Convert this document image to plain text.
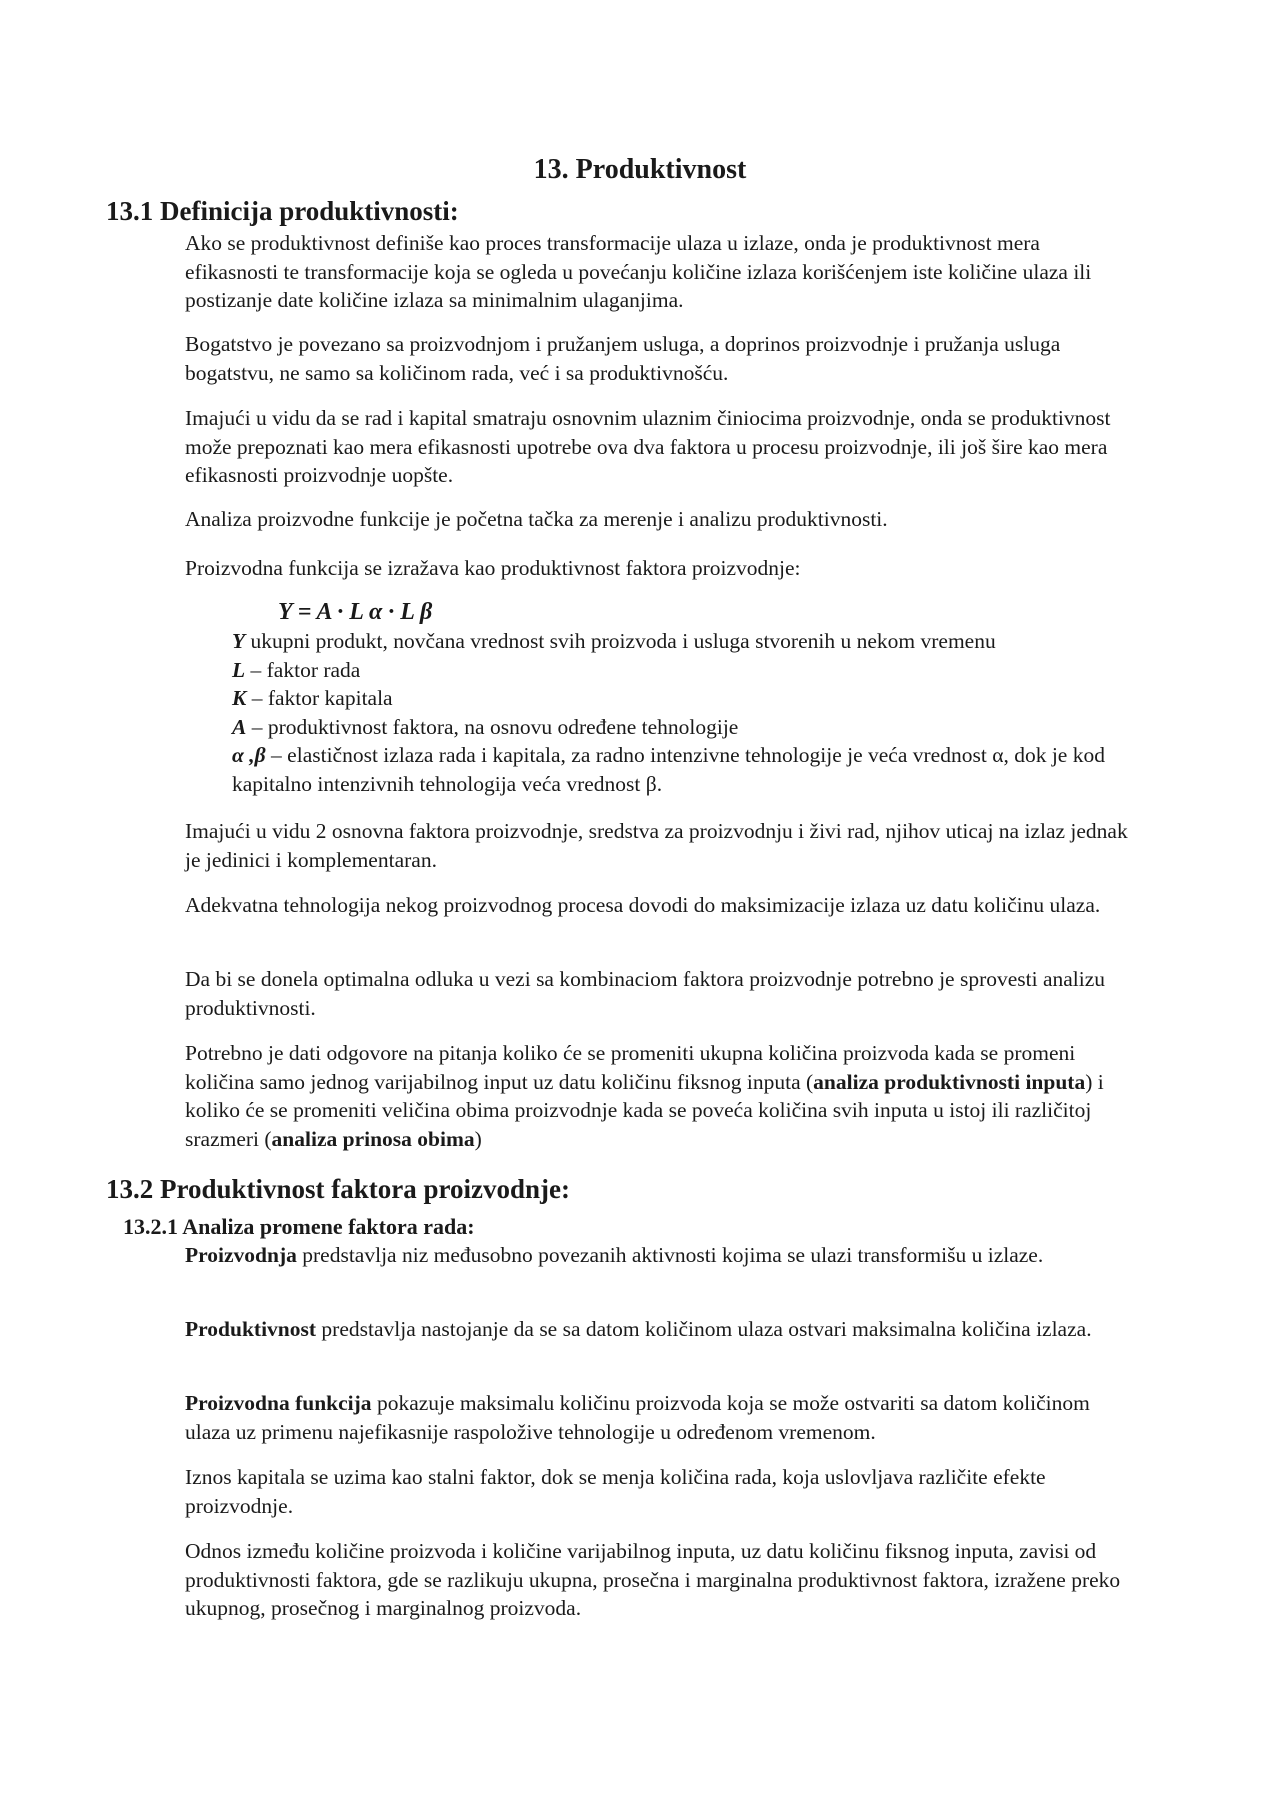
13. Produktivnost
13.1 Definicija produktivnosti:

Ako se produktivnost definiše kao proces transformacije ulaza u izlaze, onda je produktivnost mera efikasnosti te transformacije koja se ogleda u povećanju količine izlaza korišćenjem iste količine ulaza ili postizanje date količine izlaza sa minimalnim ulaganjima.

Bogatstvo je povezano sa proizvodnjom i pružanjem usluga, a doprinos proizvodnje i pružanja usluga bogatstvu, ne samo sa količinom rada, već i sa produktivnošću.

Imajući u vidu da se rad i kapital smatraju osnovnim ulaznim činiocima proizvodnje, onda se produktivnost može prepoznati kao mera efikasnosti upotrebe ova dva faktora u procesu proizvodnje, ili još šire kao mera efikasnosti proizvodnje uopšte.

Analiza proizvodne funkcije je početna tačka za merenje i analizu produktivnosti.

Proizvodna funkcija se izražava kao produktivnost faktora proizvodnje:

Y = A · L α · L β
Y ukupni produkt, novčana vrednost svih proizvoda i usluga stvorenih u nekom vremenu
L – faktor rada
K – faktor kapitala
A – produktivnost faktora, na osnovu određene tehnologije
α ,β – elastičnost izlaza rada i kapitala, za radno intenzivne tehnologije je veća vrednost α, dok je kod kapitalno intenzivnih tehnologija veća vrednost β.

Imajući u vidu 2 osnovna faktora proizvodnje, sredstva za proizvodnju i živi rad, njihov uticaj na izlaz jednak je jedinici i komplementaran.

Adekvatna tehnologija nekog proizvodnog procesa dovodi do maksimizacije izlaza uz datu količinu ulaza.

Da bi se donela optimalna odluka u vezi sa kombinaciom faktora proizvodnje potrebno je sprovesti analizu produktivnosti.

Potrebno je dati odgovore na pitanja koliko će se promeniti ukupna količina proizvoda kada se promeni količina samo jednog varijabilnog input uz datu količinu fiksnog inputa (analiza produktivnosti inputa) i koliko će se promeniti veličina obima proizvodnje kada se poveća količina svih inputa u istoj ili različitoj srazmeri (analiza prinosa obima)

13.2 Produktivnost faktora proizvodnje:
13.2.1 Analiza promene faktora rada:

Proizvodnja predstavlja niz međusobno povezanih aktivnosti kojima se ulazi transformišu u izlaze.

Produktivnost predstavlja nastojanje da se sa datom količinom ulaza ostvari maksimalna količina izlaza.

Proizvodna funkcija pokazuje maksimalu količinu proizvoda koja se može ostvariti sa datom količinom ulaza uz primenu najefikasnije raspoložive tehnologije u određenom vremenom.

Iznos kapitala se uzima kao stalni faktor, dok se menja količina rada, koja uslovljava različite efekte proizvodnje.

Odnos između količine proizvoda i količine varijabilnog inputa, uz datu količinu fiksnog inputa, zavisi od produktivnosti faktora, gde se razlikuju ukupna, prosečna i marginalna produktivnost faktora, izražene preko ukupnog, prosečnog i marginalnog proizvoda.
